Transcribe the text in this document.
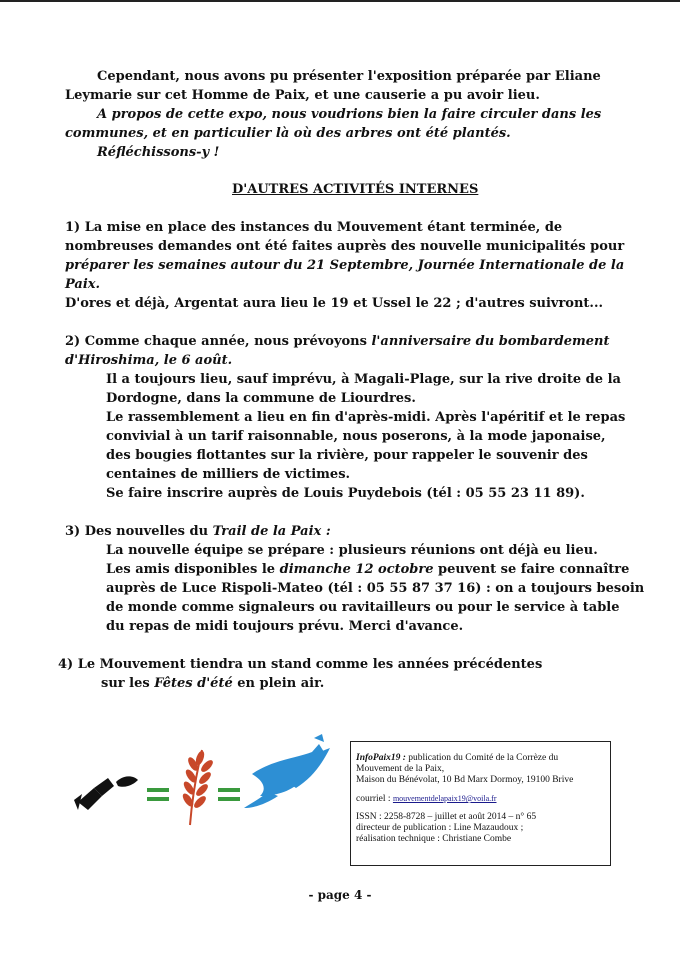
Cependant, nous avons pu présenter l'exposition préparée par Eliane
Leymarie sur cet Homme de Paix, et une causerie a pu avoir lieu.
A propos de cette expo, nous voudrions bien la faire circuler dans les
communes, et en particulier là où des arbres ont été plantés.
Réfléchissons-y !
D'AUTRES ACTIVITÉS INTERNES
1) La mise en place des instances du Mouvement étant terminée, de
nombreuses demandes ont été faites auprès des nouvelle municipalités pour
préparer les semaines autour du 21 Septembre, Journée Internationale de la
Paix.
D'ores et déjà, Argentat aura lieu le 19 et Ussel le 22 ; d'autres suivront...
2) Comme chaque année, nous prévoyons l'anniversaire du bombardement
d'Hiroshima, le 6 août.
Il a toujours lieu, sauf imprévu, à Magali-Plage, sur la rive droite de la
Dordogne, dans la commune de Liourdres.
Le rassemblement a lieu en fin d'après-midi. Après l'apéritif et le repas
convivial à un tarif raisonnable, nous poserons, à la mode japonaise,
des bougies flottantes sur la rivière, pour rappeler le souvenir des
centaines de milliers de victimes.
Se faire inscrire auprès de Louis Puydebois (tél : 05 55 23 11 89).
3) Des nouvelles du Trail de la Paix :
La nouvelle équipe se prépare : plusieurs réunions ont déjà eu lieu.
Les amis disponibles le dimanche 12 octobre peuvent se faire connaître
auprès de Luce Rispoli-Mateo (tél : 05 55 87 37 16) : on a toujours besoin
de monde comme signaleurs ou ravitailleurs ou pour le service à table
du repas de midi toujours prévu. Merci d'avance.
4) Le Mouvement tiendra un stand comme les années précédentes
sur les Fêtes d'été en plein air.
InfoPaix19 : publication du Comité de la Corrèze du
Mouvement de la Paix,
Maison du Bénévolat, 10 Bd Marx Dormoy, 19100 Brive
courriel : mouvementdelapaix19@voila.fr
ISSN : 2258-8728 – juillet et août 2014 – n° 65
directeur de publication : Line Mazaudoux ;
réalisation technique : Christiane Combe
- page 4 -
